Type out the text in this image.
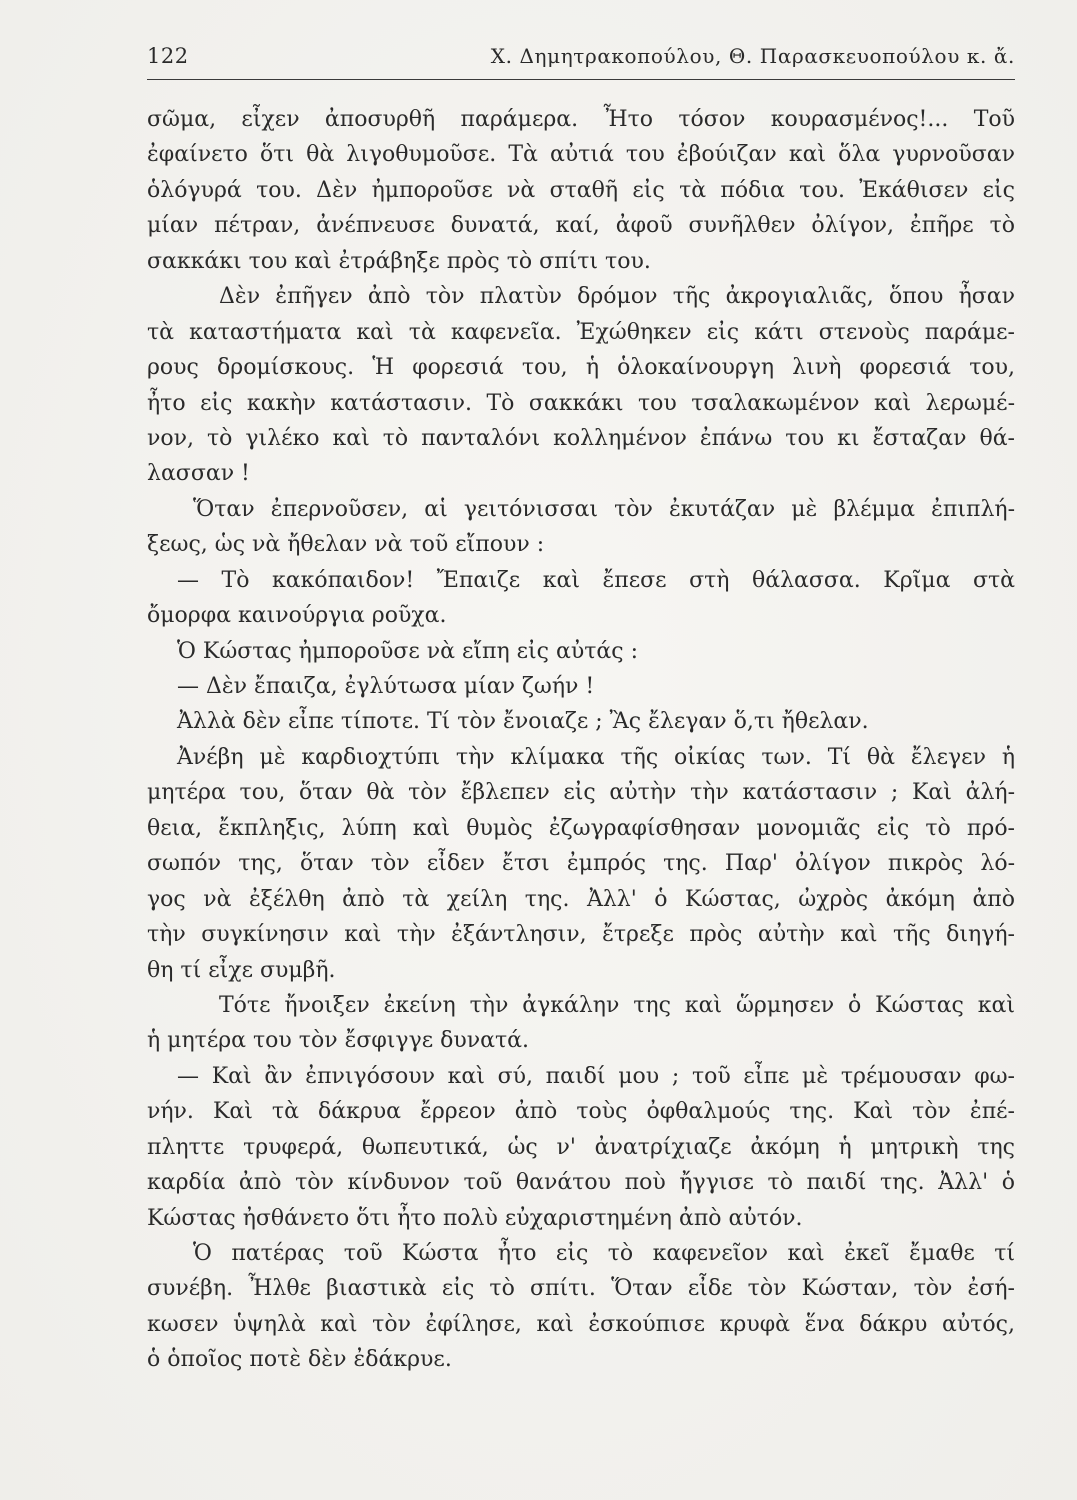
122	Χ. Δημητρακοπούλου, Θ. Παρασκευοπούλου κ. ἄ.
σῶμα, εἶχεν ἀποσυρθῆ παράμερα. Ἦτο τόσον κουρασμένος!... Τοῦ
ἐφαίνετο ὅτι θὰ λιγοθυμοῦσε. Τὰ αὐτιά του ἐβούιζαν καὶ ὅλα γυρνοῦσαν
ὁλόγυρά του. Δὲν ἠμποροῦσε νὰ σταθῆ εἰς τὰ πόδια του. Ἐκάθισεν εἰς
μίαν πέτραν, ἀνέπνευσε δυνατά, καί, ἀφοῦ συνῆλθεν ὀλίγον, ἐπῆρε τὸ
σακκάκι του καὶ ἐτράβηξε πρὸς τὸ σπίτι του.
Δὲν ἐπῆγεν ἀπὸ τὸν πλατὺν δρόμον τῆς ἀκρογιαλιᾶς, ὅπου ἦσαν
τὰ καταστήματα καὶ τὰ καφενεῖα. Ἐχώθηκεν εἰς κάτι στενοὺς παράμε-
ρους δρομίσκους. Ἡ φορεσιά του, ἡ ὁλοκαίνουργη λινὴ φορεσιά του,
ἦτο εἰς κακὴν κατάστασιν. Τὸ σακκάκι του τσαλακωμένον καὶ λερωμέ-
νον, τὸ γιλέκο καὶ τὸ πανταλόνι κολλημένον ἐπάνω του κι ἔσταζαν θά-
λασσαν !
Ὅταν ἐπερνοῦσεν, αἱ γειτόνισσαι τὸν ἐκυτάζαν μὲ βλέμμα ἐπιπλή-
ξεως, ὡς νὰ ἤθελαν νὰ τοῦ εἴπουν :
— Τὸ κακόπαιδον! Ἔπαιζε καὶ ἔπεσε στὴ θάλασσα. Κρῖμα στὰ
ὄμορφα καινούργια ροῦχα.
Ὁ Κώστας ἠμποροῦσε νὰ εἴπη εἰς αὐτάς :
— Δὲν ἔπαιζα, ἐγλύτωσα μίαν ζωήν !
Ἀλλὰ δὲν εἶπε τίποτε. Τί τὸν ἔνοιαζε ; Ἂς ἔλεγαν ὅ,τι ἤθελαν.
Ἀνέβη μὲ καρδιοχτύπι τὴν κλίμακα τῆς οἰκίας των. Τί θὰ ἔλεγεν ἡ
μητέρα του, ὅταν θὰ τὸν ἔβλεπεν εἰς αὐτὴν τὴν κατάστασιν ; Καὶ ἀλή-
θεια, ἔκπληξις, λύπη καὶ θυμὸς ἐζωγραφίσθησαν μονομιᾶς εἰς τὸ πρό-
σωπόν της, ὅταν τὸν εἶδεν ἔτσι ἐμπρός της. Παρ' ὀλίγον πικρὸς λό-
γος νὰ ἐξέλθη ἀπὸ τὰ χείλη της. Ἀλλ' ὁ Κώστας, ὠχρὸς ἀκόμη ἀπὸ
τὴν συγκίνησιν καὶ τὴν ἐξάντλησιν, ἔτρεξε πρὸς αὐτὴν καὶ τῆς διηγή-
θη τί εἶχε συμβῆ.
Τότε ἤνοιξεν ἐκείνη τὴν ἀγκάλην της καὶ ὥρμησεν ὁ Κώστας καὶ
ἡ μητέρα του τὸν ἔσφιγγε δυνατά.
— Καὶ ἂν ἐπνιγόσουν καὶ σύ, παιδί μου ; τοῦ εἶπε μὲ τρέμουσαν φω-
νήν. Καὶ τὰ δάκρυα ἔρρεον ἀπὸ τοὺς ὀφθαλμούς της. Καὶ τὸν ἐπέ-
πληττε τρυφερά, θωπευτικά, ὡς ν' ἀνατρίχιαζε ἀκόμη ἡ μητρικὴ της
καρδία ἀπὸ τὸν κίνδυνον τοῦ θανάτου ποὺ ἤγγισε τὸ παιδί της. Ἀλλ' ὁ
Κώστας ἠσθάνετο ὅτι ἦτο πολὺ εὐχαριστημένη ἀπὸ αὐτόν.
Ὁ πατέρας τοῦ Κώστα ἦτο εἰς τὸ καφενεῖον καὶ ἐκεῖ ἔμαθε τί
συνέβη. Ἦλθε βιαστικὰ εἰς τὸ σπίτι. Ὅταν εἶδε τὸν Κώσταν, τὸν ἐσή-
κωσεν ὑψηλὰ καὶ τὸν ἐφίλησε, καὶ ἐσκούπισε κρυφὰ ἕνα δάκρυ αὐτός,
ὁ ὁποῖος ποτὲ δὲν ἐδάκρυε.
